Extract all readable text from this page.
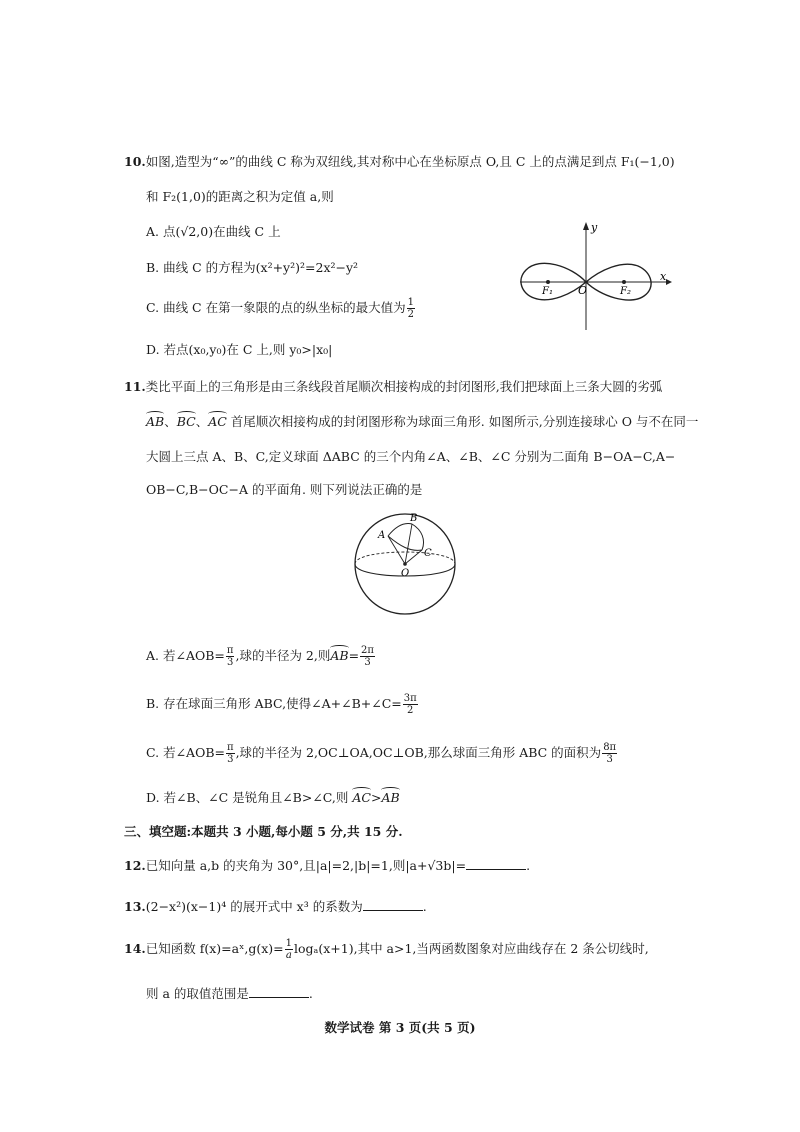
10.如图,造型为“∞”的曲线 C 称为双纽线,其对称中心在坐标原点 O,且 C 上的点满足到点 F₁(−1,0)
和 F₂(1,0)的距离之积为定值 a,则
A. 点(√2,0)在曲线 C 上
B. 曲线 C 的方程为(x²+y²)²=2x²−y²
C. 曲线 C 在第一象限的点的纵坐标的最大值为 $\frac{1}{2}$
D. 若点(x₀,y₀)在 C 上,则 y₀>|x₀|
y
x
O
F₁	F₂
11.类比平面上的三角形是由三条线段首尾顺次相接构成的封闭图形,我们把球面上三条大圆的劣弧
AB、BC、AC 首尾顺次相接构成的封闭图形称为球面三角形. 如图所示,分别连接球心 O 与不在同一
大圆上三点 A、B、C,定义球面 ΔABC 的三个内角∠A、∠B、∠C 分别为二面角 B−OA−C,A−
OB−C,B−OC−A 的平面角. 则下列说法正确的是
A
B
C
O
A. 若∠AOB= $\frac{\pi}{3}$ ,球的半径为 2,则$AB= \frac{2\pi}{3}$
B. 存在球面三角形 ABC,使得∠A+∠B+∠C= $\frac{3\pi}{2}$
C. 若∠AOB= $\frac{\pi}{3}$ ,球的半径为 2,OC⊥OA,OC⊥OB,那么球面三角形 ABC 的面积为 $\frac{8\pi}{3}$
D. 若∠B、∠C 是锐角且∠B>∠C,则 AC>AB
三、填空题:本题共 3 小题,每小题 5 分,共 15 分.
12.已知向量 a,b 的夹角为 30°,且|a|=2,|b|=1,则|a+√3b|=	.
13.(2−x²)(x−1)⁴ 的展开式中 x³ 的系数为	.
14.已知函数 f(x)=aˣ,g(x)= $\frac{1}{a} \log_a(x+1)$,其中 a>1,当两函数图象对应曲线存在 2 条公切线时,
则 a 的取值范围是	.
数学试卷 第 3 页(共 5 页)
